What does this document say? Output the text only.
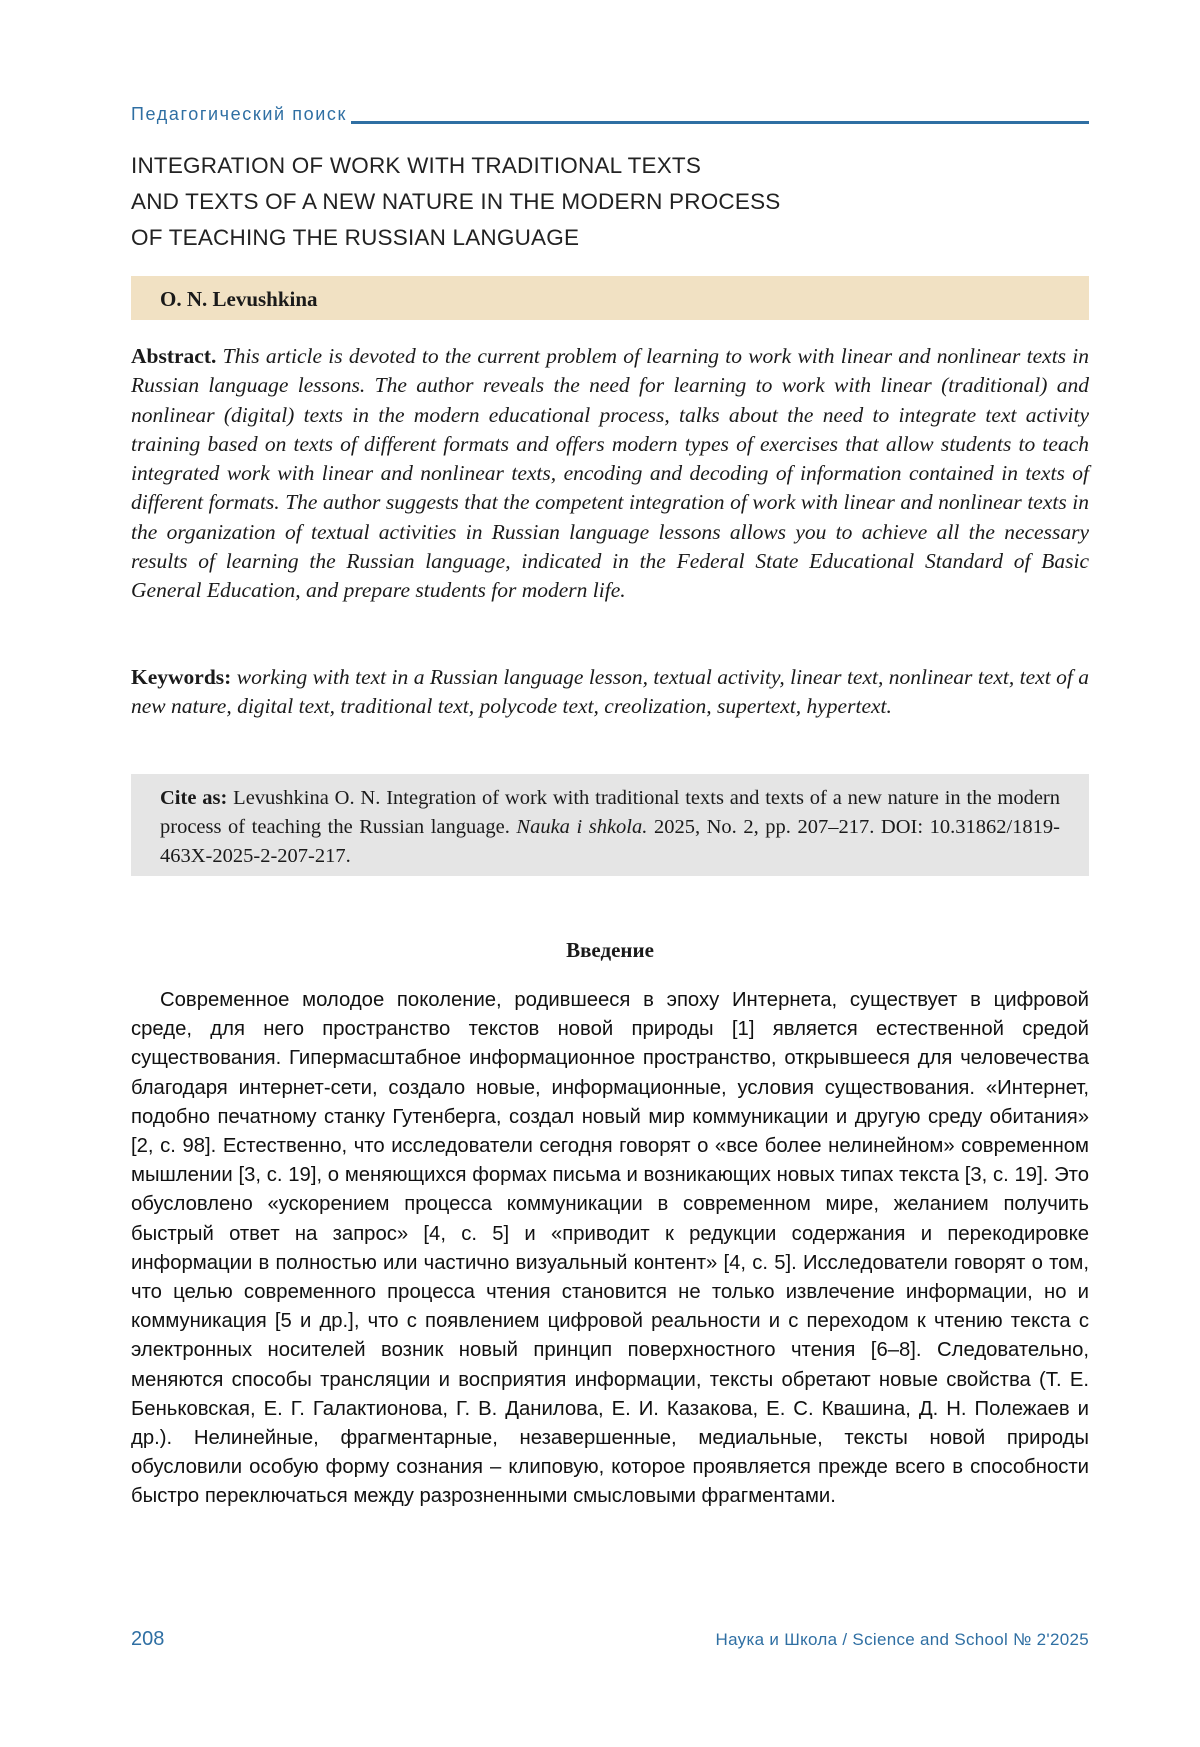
Педагогический поиск
INTEGRATION OF WORK WITH TRADITIONAL TEXTS
AND TEXTS OF A NEW NATURE IN THE MODERN PROCESS
OF TEACHING THE RUSSIAN LANGUAGE
O. N. Levushkina
Abstract. This article is devoted to the current problem of learning to work with linear and nonlinear texts in Russian language lessons. The author reveals the need for learning to work with linear (traditional) and nonlinear (digital) texts in the modern educational process, talks about the need to integrate text activity training based on texts of different formats and offers modern types of exercises that allow students to teach integrated work with linear and nonlinear texts, encoding and decoding of information contained in texts of different formats. The author suggests that the competent integration of work with linear and nonlinear texts in the organization of textual activities in Russian language lessons allows you to achieve all the necessary results of learning the Russian language, indicated in the Federal State Educational Standard of Basic General Education, and prepare students for modern life.
Keywords: working with text in a Russian language lesson, textual activity, linear text, nonlinear text, text of a new nature, digital text, traditional text, polycode text, creolization, supertext, hypertext.
Cite as: Levushkina O. N. Integration of work with traditional texts and texts of a new nature in the modern process of teaching the Russian language. Nauka i shkola. 2025, No. 2, pp. 207–217. DOI: 10.31862/1819-463X-2025-2-207-217.
Введение
Современное молодое поколение, родившееся в эпоху Интернета, существует в цифровой среде, для него пространство текстов новой природы [1] является естественной средой существования. Гипермасштабное информационное пространство, открывшееся для человечества благодаря интернет-сети, создало новые, информационные, условия существования. «Интернет, подобно печатному станку Гутенберга, создал новый мир коммуникации и другую среду обитания» [2, с. 98]. Естественно, что исследователи сегодня говорят о «все более нелинейном» современном мышлении [3, с. 19], о меняющихся формах письма и возникающих новых типах текста [3, с. 19]. Это обусловлено «ускорением процесса коммуникации в современном мире, желанием получить быстрый ответ на запрос» [4, с. 5] и «приводит к редукции содержания и перекодировке информации в полностью или частично визуальный контент» [4, с. 5]. Исследователи говорят о том, что целью современного процесса чтения становится не только извлечение информации, но и коммуникация [5 и др.], что с появлением цифровой реальности и с переходом к чтению текста с электронных носителей возник новый принцип поверхностного чтения [6–8]. Следовательно, меняются способы трансляции и восприятия информации, тексты обретают новые свойства (Т. Е. Беньковская, Е. Г. Галактионова, Г. В. Данилова, Е. И. Казакова, Е. С. Квашина, Д. Н. Полежаев и др.). Нелинейные, фрагментарные, незавершенные, медиальные, тексты новой природы обусловили особую форму сознания – клиповую, которое проявляется прежде всего в способности быстро переключаться между разрозненными смысловыми фрагментами.
208	Наука и Школа / Science and School № 2'2025
